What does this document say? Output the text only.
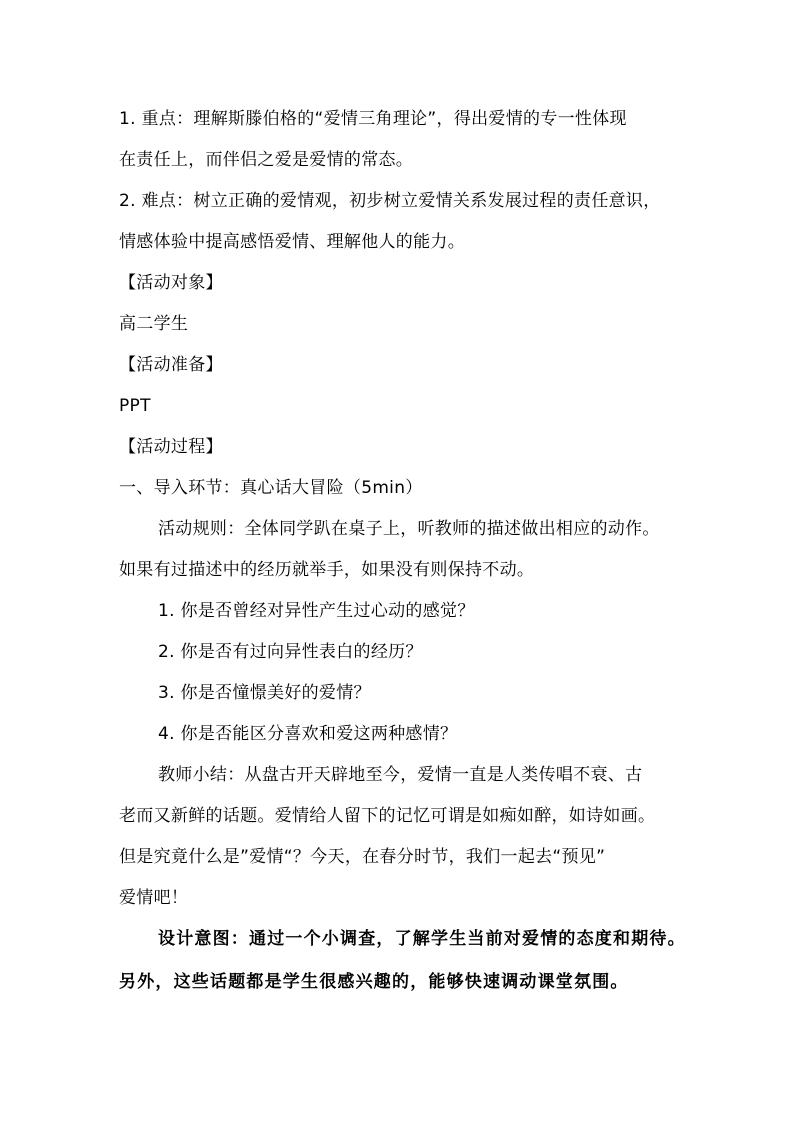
1. 重点：理解斯滕伯格的“爱情三角理论”，得出爱情的专一性体现
在责任上，而伴侣之爱是爱情的常态。
2. 难点：树立正确的爱情观，初步树立爱情关系发展过程的责任意识，
情感体验中提高感悟爱情、理解他人的能力。
【活动对象】
高二学生
【活动准备】
PPT
【活动过程】
一、导入环节：真心话大冒险（5min）
活动规则：全体同学趴在桌子上，听教师的描述做出相应的动作。
如果有过描述中的经历就举手，如果没有则保持不动。
1. 你是否曾经对异性产生过心动的感觉？
2. 你是否有过向异性表白的经历？
3. 你是否憧憬美好的爱情？
4. 你是否能区分喜欢和爱这两种感情？
教师小结：从盘古开天辟地至今，爱情一直是人类传唱不衰、古
老而又新鲜的话题。爱情给人留下的记忆可谓是如痴如醉，如诗如画。
但是究竟什么是”爱情“？今天，在春分时节，我们一起去“预见”
爱情吧！
设计意图：通过一个小调查，了解学生当前对爱情的态度和期待。
另外，这些话题都是学生很感兴趣的，能够快速调动课堂氛围。
